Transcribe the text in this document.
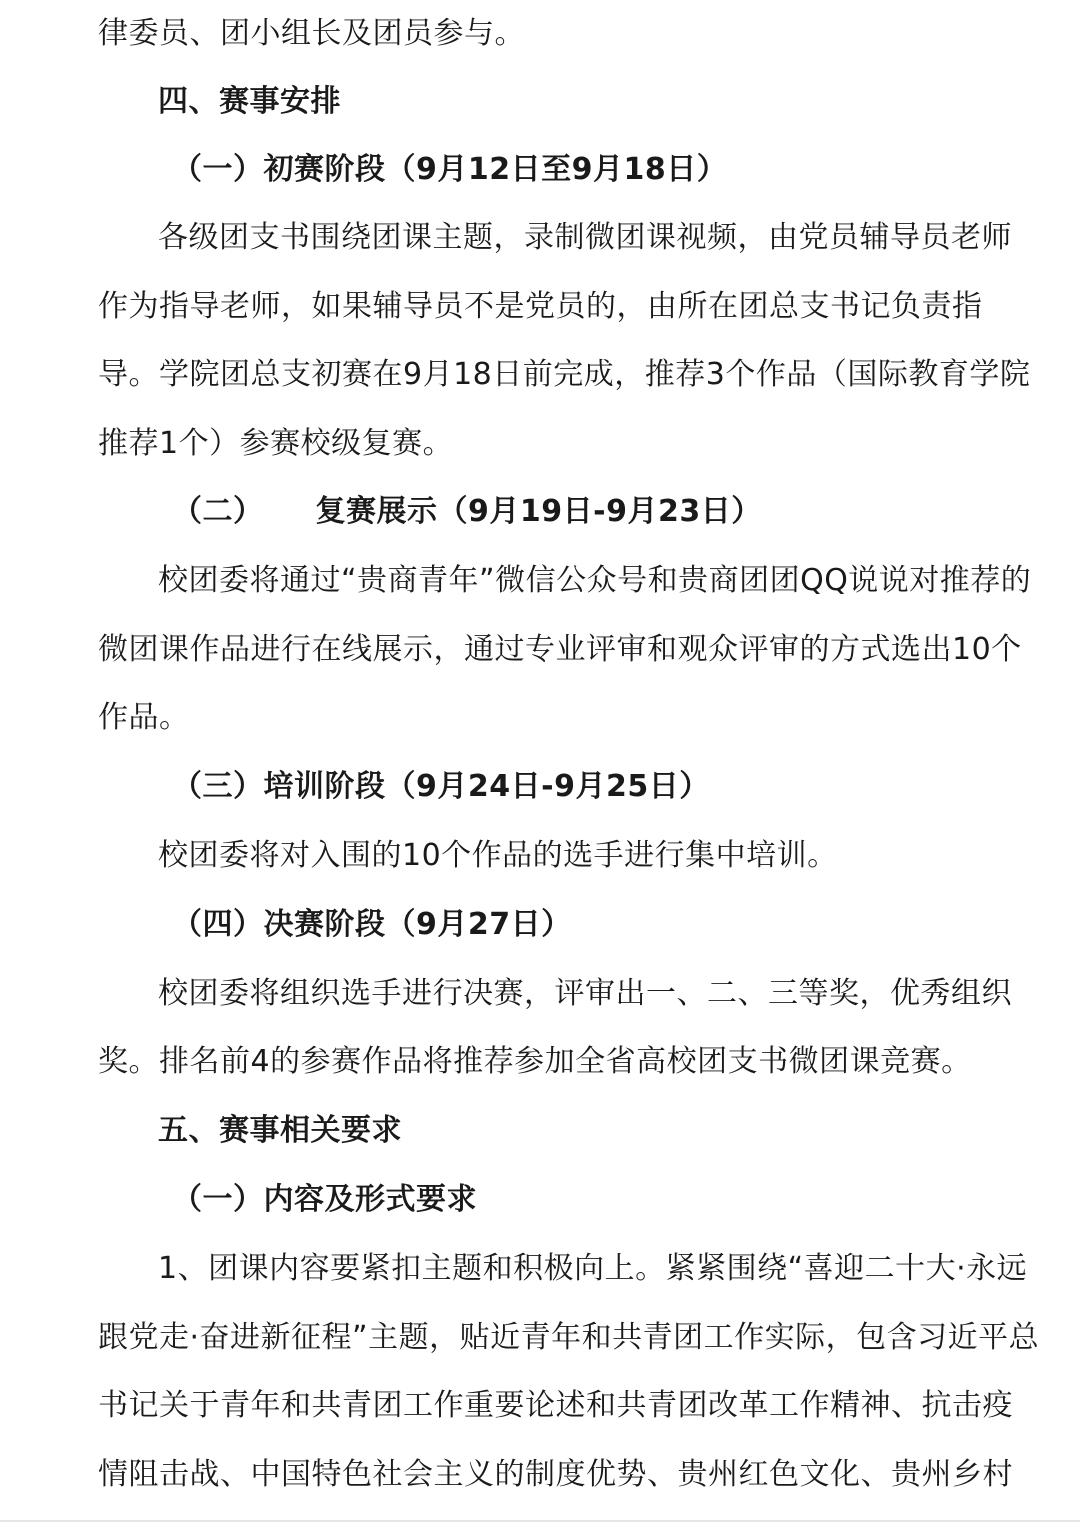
律委员、团小组长及团员参与。
四、赛事安排
（一）初赛阶段（9月12日至9月18日）
各级团支书围绕团课主题，录制微团课视频，由党员辅导员老师
作为指导老师，如果辅导员不是党员的，由所在团总支书记负责指
导。学院团总支初赛在9月18日前完成，推荐3个作品（国际教育学院
推荐1个）参赛校级复赛。
（二） 复赛展示（9月19日-9月23日）
校团委将通过“贵商青年”微信公众号和贵商团团QQ说说对推荐的
微团课作品进行在线展示，通过专业评审和观众评审的方式选出10个
作品。
（三）培训阶段（9月24日-9月25日）
校团委将对入围的10个作品的选手进行集中培训。
（四）决赛阶段（9月27日）
校团委将组织选手进行决赛，评审出一、二、三等奖，优秀组织
奖。排名前4的参赛作品将推荐参加全省高校团支书微团课竞赛。
五、赛事相关要求
（一）内容及形式要求
1、团课内容要紧扣主题和积极向上。紧紧围绕“喜迎二十大·永远
跟党走·奋进新征程”主题，贴近青年和共青团工作实际，包含习近平总
书记关于青年和共青团工作重要论述和共青团改革工作精神、抗击疫
情阻击战、中国特色社会主义的制度优势、贵州红色文化、贵州乡村
